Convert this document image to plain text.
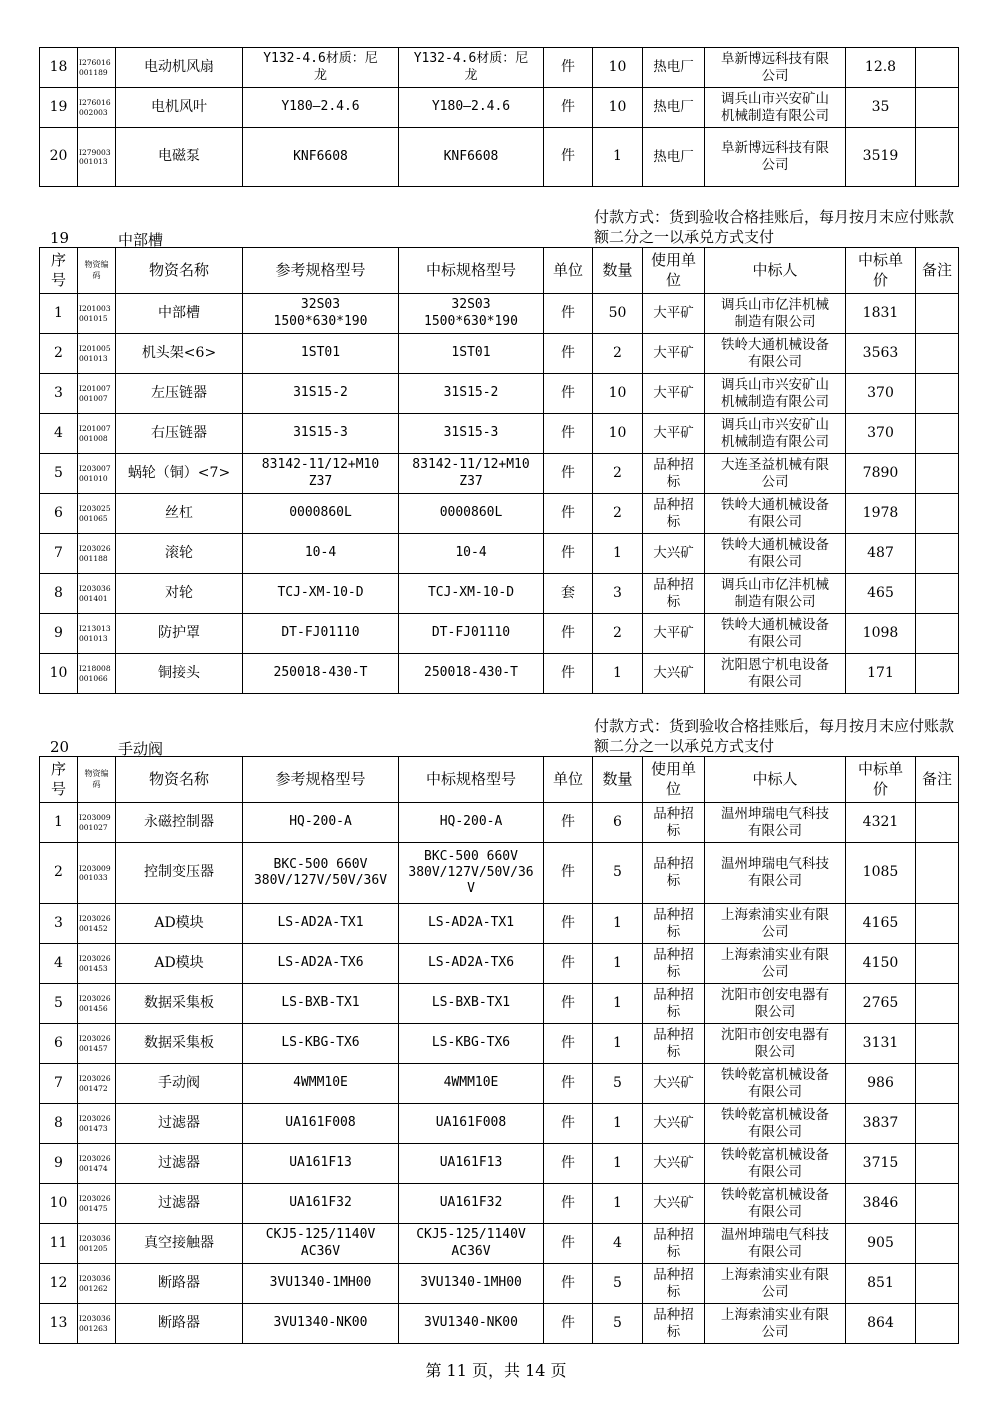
18	I276016
001189	电动机风扇	Y132-4.6材质：尼
龙	Y132-4.6材质：尼
龙	件	10	热电厂	阜新博远科技有限
公司	12.8	
19	I276016
002003	电机风叶	Y180—2.4.6	Y180—2.4.6	件	10	热电厂	调兵山市兴安矿山
机械制造有限公司	35	
20	I279003
001013	电磁泵	KNF6608	KNF6608	件	1	热电厂	阜新博远科技有限
公司	3519	
付款方式：货到验收合格挂账后，每月按月末应付账款额二分之一以承兑方式支付
19	中部槽
序
号	物资编
码	物资名称	参考规格型号	中标规格型号	单位	数量	使用单
位	中标人	中标单
价	备注
1	I201003
001015	中部槽	32S03
1500*630*190	32S03
1500*630*190	件	50	大平矿	调兵山市亿沣机械
制造有限公司	1831	
2	I201005
001013	机头架<6>	1ST01	1ST01	件	2	大平矿	铁岭大通机械设备
有限公司	3563	
3	I201007
001007	左压链器	31S15-2	31S15-2	件	10	大平矿	调兵山市兴安矿山
机械制造有限公司	370	
4	I201007
001008	右压链器	31S15-3	31S15-3	件	10	大平矿	调兵山市兴安矿山
机械制造有限公司	370	
5	I203007
001010	蜗轮（铜）<7>	83142-11/12+M10
Z37	83142-11/12+M10
Z37	件	2	品种招
标	大连圣益机械有限
公司	7890	
6	I203025
001065	丝杠	0000860L	0000860L	件	2	品种招
标	铁岭大通机械设备
有限公司	1978	
7	I203026
001188	滚轮	10-4	10-4	件	1	大兴矿	铁岭大通机械设备
有限公司	487	
8	I203036
001401	对轮	TCJ-XM-10-D	TCJ-XM-10-D	套	3	品种招
标	调兵山市亿沣机械
制造有限公司	465	
9	I213013
001013	防护罩	DT-FJ01110	DT-FJ01110	件	2	大平矿	铁岭大通机械设备
有限公司	1098	
10	I218008
001066	铜接头	250018-430-T	250018-430-T	件	1	大兴矿	沈阳恩宁机电设备
有限公司	171	
付款方式：货到验收合格挂账后，每月按月末应付账款额二分之一以承兑方式支付
20	手动阀
序
号	物资编
码	物资名称	参考规格型号	中标规格型号	单位	数量	使用单
位	中标人	中标单
价	备注
1	I203009
001027	永磁控制器	HQ-200-A	HQ-200-A	件	6	品种招
标	温州坤瑞电气科技
有限公司	4321	
2	I203009
001033	控制变压器	BKC-500 660V
380V/127V/50V/36V	BKC-500 660V
380V/127V/50V/36
V	件	5	品种招
标	温州坤瑞电气科技
有限公司	1085	
3	I203026
001452	AD模块	LS-AD2A-TX1	LS-AD2A-TX1	件	1	品种招
标	上海索浦实业有限
公司	4165	
4	I203026
001453	AD模块	LS-AD2A-TX6	LS-AD2A-TX6	件	1	品种招
标	上海索浦实业有限
公司	4150	
5	I203026
001456	数据采集板	LS-BXB-TX1	LS-BXB-TX1	件	1	品种招
标	沈阳市创安电器有
限公司	2765	
6	I203026
001457	数据采集板	LS-KBG-TX6	LS-KBG-TX6	件	1	品种招
标	沈阳市创安电器有
限公司	3131	
7	I203026
001472	手动阀	4WMM10E	4WMM10E	件	5	大兴矿	铁岭乾富机械设备
有限公司	986	
8	I203026
001473	过滤器	UA161F008	UA161F008	件	1	大兴矿	铁岭乾富机械设备
有限公司	3837	
9	I203026
001474	过滤器	UA161F13	UA161F13	件	1	大兴矿	铁岭乾富机械设备
有限公司	3715	
10	I203026
001475	过滤器	UA161F32	UA161F32	件	1	大兴矿	铁岭乾富机械设备
有限公司	3846	
11	I203036
001205	真空接触器	CKJ5-125/1140V
AC36V	CKJ5-125/1140V
AC36V	件	4	品种招
标	温州坤瑞电气科技
有限公司	905	
12	I203036
001262	断路器	3VU1340-1MH00	3VU1340-1MH00	件	5	品种招
标	上海索浦实业有限
公司	851	
13	I203036
001263	断路器	3VU1340-NK00	3VU1340-NK00	件	5	品种招
标	上海索浦实业有限
公司	864	
第 11 页，共 14 页
